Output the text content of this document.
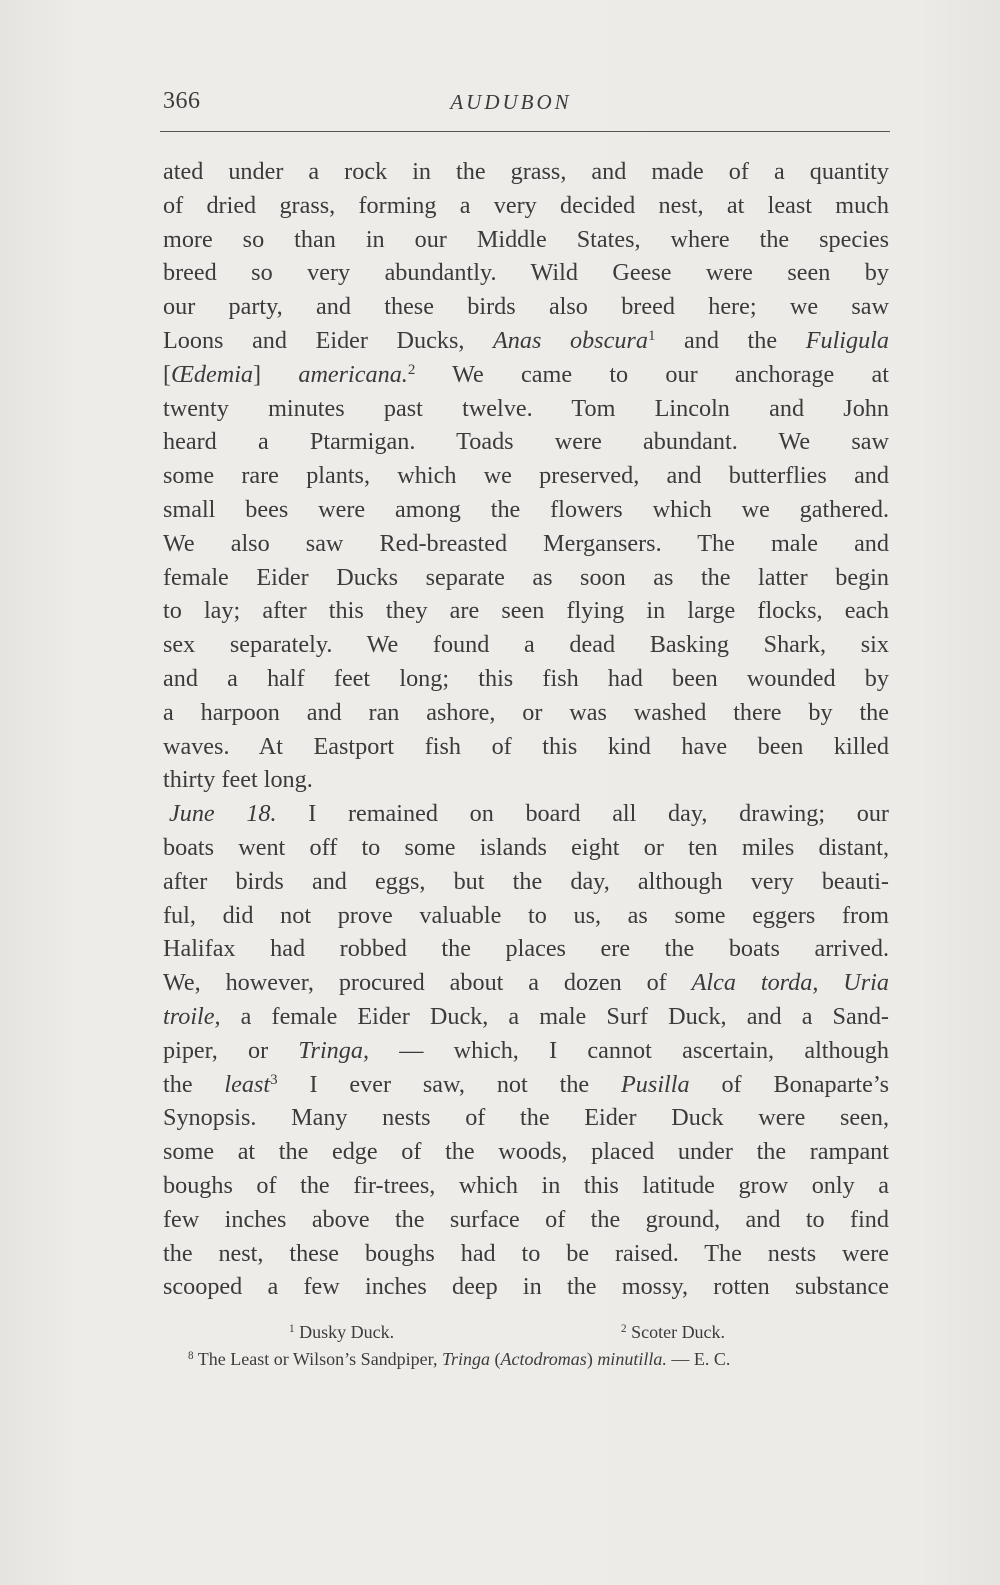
366	AUDUBON
ated under a rock in the grass, and made of a quantity
of dried grass, forming a very decided nest, at least much
more so than in our Middle States, where the species
breed so very abundantly. Wild Geese were seen by
our party, and these birds also breed here; we saw
Loons and Eider Ducks, Anas obscura$^1$ and the Fuligula
[Œdemia] americana.$^2$ We came to our anchorage at
twenty minutes past twelve. Tom Lincoln and John
heard a Ptarmigan. Toads were abundant. We saw
some rare plants, which we preserved, and butterflies and
small bees were among the flowers which we gathered.
We also saw Red-breasted Mergansers. The male and
female Eider Ducks separate as soon as the latter begin
to lay; after this they are seen flying in large flocks, each
sex separately. We found a dead Basking Shark, six
and a half feet long; this fish had been wounded by
a harpoon and ran ashore, or was washed there by the
waves. At Eastport fish of this kind have been killed
thirty feet long.
June 18. I remained on board all day, drawing; our
boats went off to some islands eight or ten miles distant,
after birds and eggs, but the day, although very beauti-
ful, did not prove valuable to us, as some eggers from
Halifax had robbed the places ere the boats arrived.
We, however, procured about a dozen of Alca torda, Uria
troile, a female Eider Duck, a male Surf Duck, and a Sand-
piper, or Tringa, — which, I cannot ascertain, although
the least$^3$ I ever saw, not the Pusilla of Bonaparte’s
Synopsis. Many nests of the Eider Duck were seen,
some at the edge of the woods, placed under the rampant
boughs of the fir-trees, which in this latitude grow only a
few inches above the surface of the ground, and to find
the nest, these boughs had to be raised. The nests were
scooped a few inches deep in the mossy, rotten substance
$^1$ Dusky Duck.	$^2$ Scoter Duck.
$^8$ The Least or Wilson’s Sandpiper, Tringa (Actodromas) minutilla. — E. C.
